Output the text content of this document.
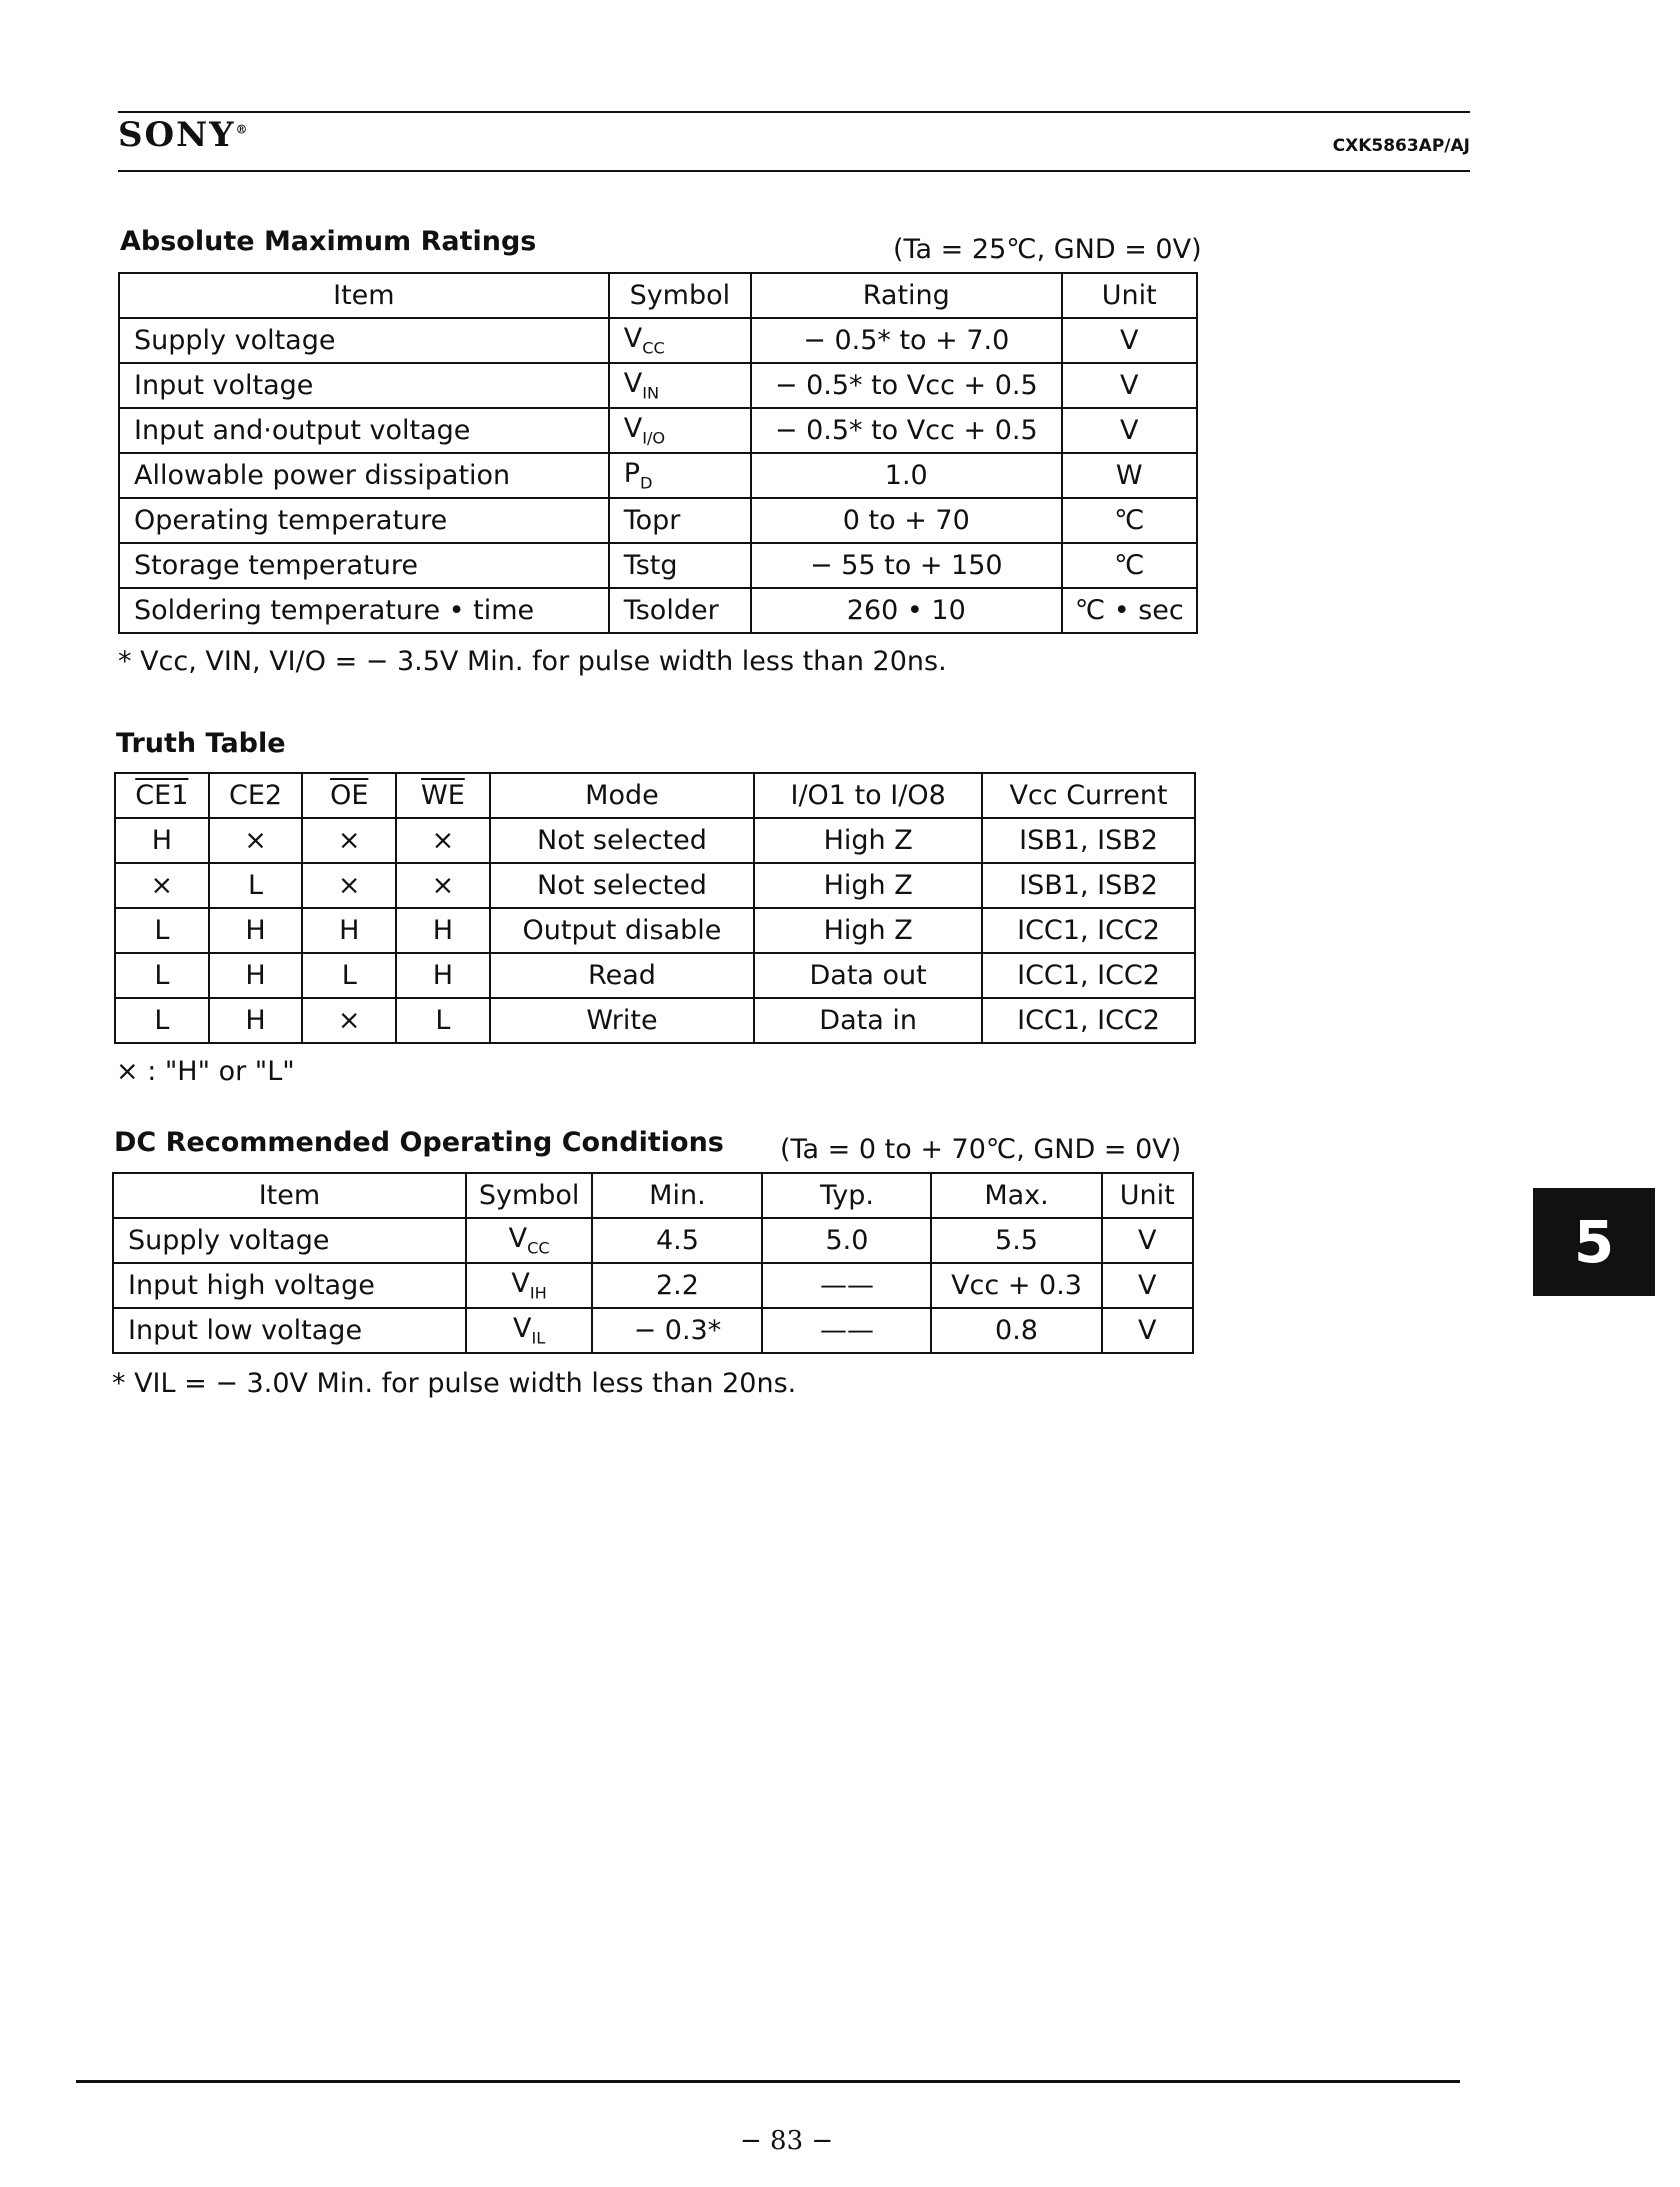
SONY®
CXK5863AP/AJ
Absolute Maximum Ratings	(Ta = 25℃, GND = 0V)
Item	Symbol	Rating	Unit
Supply voltage	$V_{CC}$	− 0.5* to + 7.0	V
Input voltage	$V_{IN}$	− 0.5* to Vcc + 0.5	V
Input and·output voltage	$V_{I/O}$	− 0.5* to Vcc + 0.5	V
Allowable power dissipation	$P_D$	1.0	W
Operating temperature	Topr	0 to + 70	℃
Storage temperature	Tstg	− 55 to + 150	℃
Soldering temperature • time	Tsolder	260 • 10	℃ • sec
* Vcc, VIN, VI/O = − 3.5V Min. for pulse width less than 20ns.
Truth Table
CE1	CE2	$\overline{OE}$	$\overline{WE}$	Mode	I/O1 to I/O8	Vcc Current
H	×	×	×	Not selected	High Z	ISB1, ISB2
×	L	×	×	Not selected	High Z	ISB1, ISB2
L	H	H	H	Output disable	High Z	ICC1, ICC2
L	H	L	H	Read	Data out	ICC1, ICC2
L	H	×	L	Write	Data in	ICC1, ICC2
× : "H" or "L"
DC Recommended Operating Conditions (Ta = 0 to + 70℃, GND = 0V)
Item	Symbol	Min.	Typ.	Max.	Unit
Supply voltage	$V_{CC}$	4.5	5.0	5.5	V
Input high voltage	$V_{IH}$	2.2	——	Vcc + 0.3	V
Input low voltage	$V_{IL}$	− 0.3*	——	0.8	V
* VIL = − 3.0V Min. for pulse width less than 20ns.
5
− 83 −
